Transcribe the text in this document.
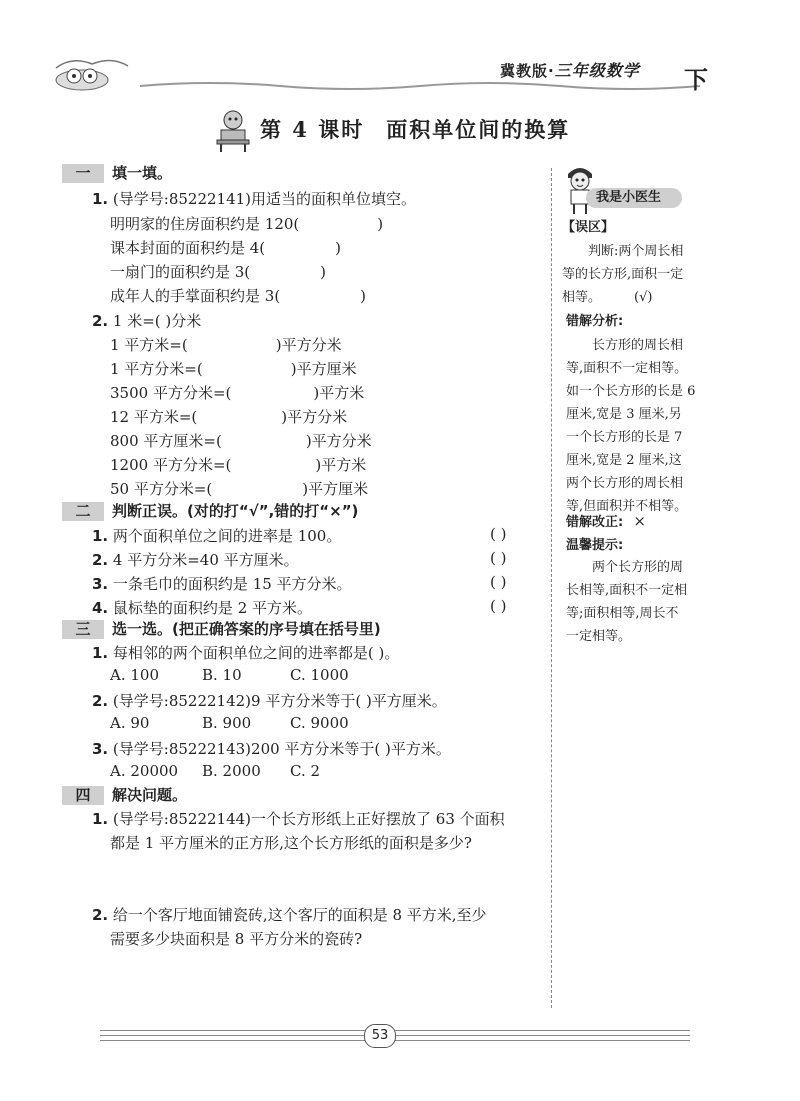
冀教版·三年级数学 下
第 4 课时 面积单位间的换算
一 填一填。
1. (导学号:85222141)用适当的面积单位填空。
明明家的住房面积约是 120(	)
课本封面的面积约是 4(	)
一扇门的面积约是 3(	)
成年人的手掌面积约是 3(	)
2. 1 米=( )分米
1 平方米=(	)平方分米
1 平方分米=(	)平方厘米
3500 平方分米=(	)平方米
12 平方米=(	)平方分米
800 平方厘米=(	)平方分米
1200 平方分米=(	)平方米
50 平方分米=(	)平方厘米
二 判断正误。(对的打“√”,错的打“×”)
1. 两个面积单位之间的进率是 100。	( )
2. 4 平方分米=40 平方厘米。	( )
3. 一条毛巾的面积约是 15 平方分米。	( )
4. 鼠标垫的面积约是 2 平方米。	( )
三 选一选。(把正确答案的序号填在括号里)
1. 每相邻的两个面积单位之间的进率都是( )。
A. 100	B. 10	C. 1000
2. (导学号:85222142)9 平方分米等于( )平方厘米。
A. 90	B. 900	C. 9000
3. (导学号:85222143)200 平方分米等于( )平方米。
A. 20000 B. 2000 C. 2
四 解决问题。
1. (导学号:85222144)一个长方形纸上正好摆放了 63 个面积
都是 1 平方厘米的正方形,这个长方形纸的面积是多少?
2. 给一个客厅地面铺瓷砖,这个客厅的面积是 8 平方米,至少
需要多少块面积是 8 平方分米的瓷砖?
我是小医生
【误区】
判断:两个周长相
等的长方形,面积一定
相等。        (√)
错解分析:
长方形的周长相
等,面积不一定相等。
如一个长方形的长是 6
厘米,宽是 3 厘米,另
一个长方形的长是 7
厘米,宽是 2 厘米,这
两个长方形的周长相
等,但面积并不相等。
错解改正: ×
温馨提示:
两个长方形的周
长相等,面积不一定相
等;面积相等,周长不
一定相等。
53
